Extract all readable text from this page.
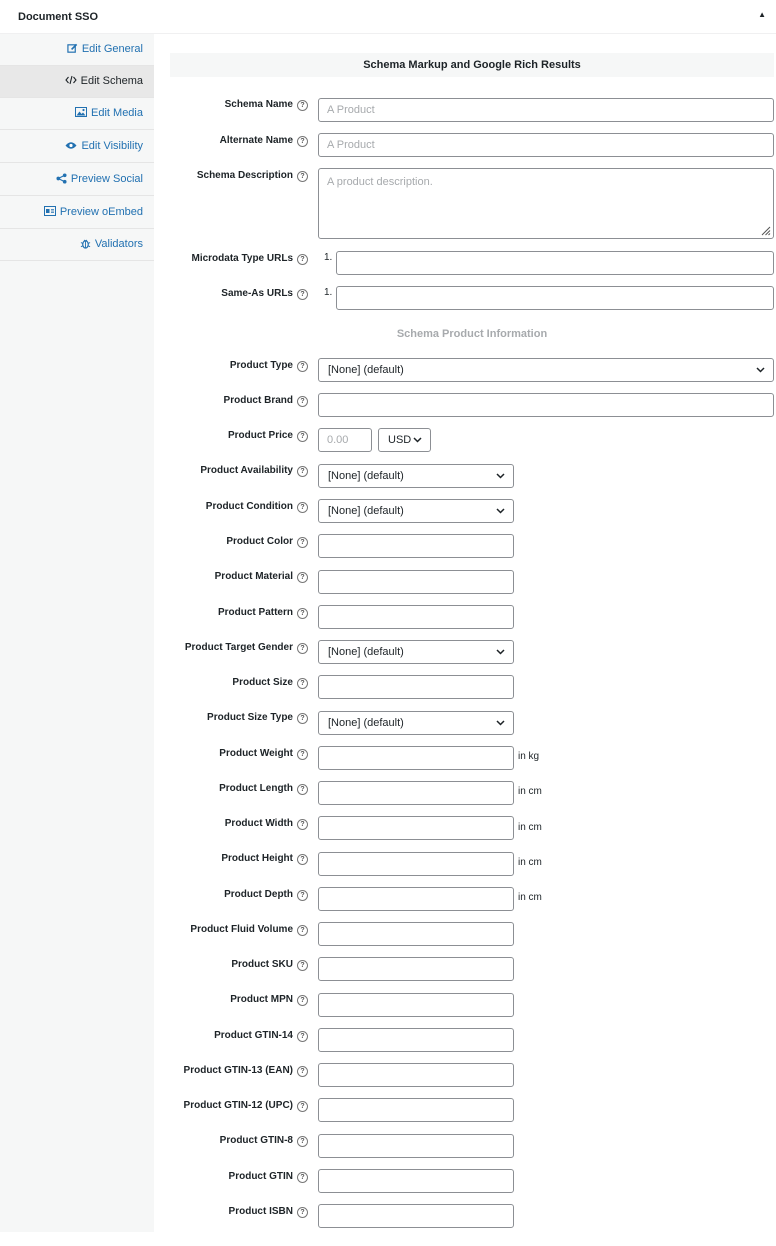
Document SSO	▲
Edit General
Edit Schema
Edit Media
Edit Visibility
Preview Social
Preview oEmbed
Validators
Schema Markup and Google Rich Results
Schema Name	?	A Product
Alternate Name	?	A Product
Schema Description	?	A product description.
Microdata Type URLs	?	1.
Same-As URLs	?	1.
Schema Product Information
Product Type	?	[None] (default)
Product Brand	?
Product Price	?	0.00	USD
Product Availability	?	[None] (default)
Product Condition	?	[None] (default)
Product Color	?
Product Material	?
Product Pattern	?
Product Target Gender	?	[None] (default)
Product Size	?
Product Size Type	?	[None] (default)
Product Weight	?	in kg
Product Length	?	in cm
Product Width	?	in cm
Product Height	?	in cm
Product Depth	?	in cm
Product Fluid Volume	?
Product SKU	?
Product MPN	?
Product GTIN-14	?
Product GTIN-13 (EAN)	?
Product GTIN-12 (UPC)	?
Product GTIN-8	?
Product GTIN	?
Product ISBN	?
